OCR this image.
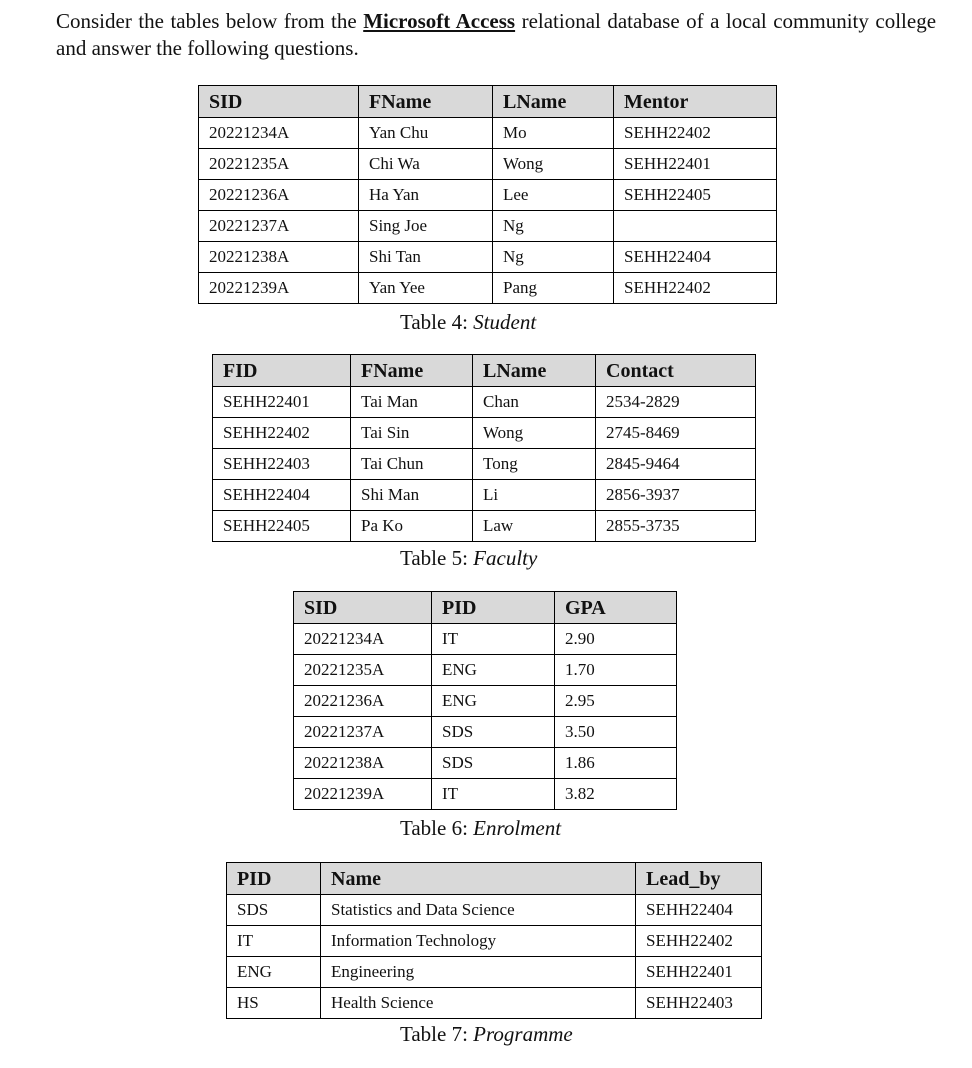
Consider the tables below from the Microsoft Access relational database of a local community college and answer the following questions.

SID	FName	LName	Mentor
20221234A	Yan Chu	Mo	SEHH22402
20221235A	Chi Wa	Wong	SEHH22401
20221236A	Ha Yan	Lee	SEHH22405
20221237A	Sing Joe	Ng	
20221238A	Shi Tan	Ng	SEHH22404
20221239A	Yan Yee	Pang	SEHH22402
Table 4: Student
FID	FName	LName	Contact
SEHH22401	Tai Man	Chan	2534-2829
SEHH22402	Tai Sin	Wong	2745-8469
SEHH22403	Tai Chun	Tong	2845-9464
SEHH22404	Shi Man	Li	2856-3937
SEHH22405	Pa Ko	Law	2855-3735
Table 5: Faculty
SID	PID	GPA
20221234A	IT	2.90
20221235A	ENG	1.70
20221236A	ENG	2.95
20221237A	SDS	3.50
20221238A	SDS	1.86
20221239A	IT	3.82
Table 6: Enrolment
PID	Name	Lead_by
SDS	Statistics and Data Science	SEHH22404
IT	Information Technology	SEHH22402
ENG	Engineering	SEHH22401
HS	Health Science	SEHH22403
Table 7: Programme
